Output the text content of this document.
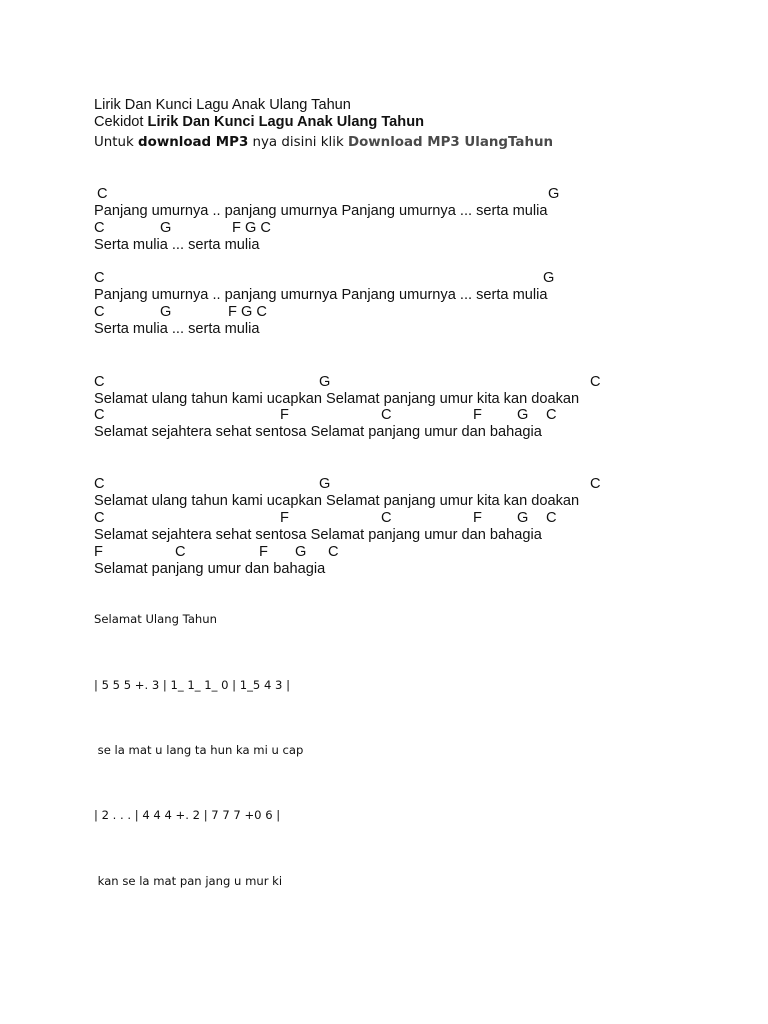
Lirik Dan Kunci Lagu Anak Ulang Tahun
Cekidot Lirik Dan Kunci Lagu Anak Ulang Tahun
Untuk download MP3 nya disini klik Download MP3 UlangTahun
C	G
Panjang umurnya .. panjang umurnya Panjang umurnya ... serta mulia
C	G	F G C
Serta mulia ... serta mulia
C	G
Panjang umurnya .. panjang umurnya Panjang umurnya ... serta mulia
C	G	F G C
Serta mulia ... serta mulia
C	G	C
Selamat ulang tahun kami ucapkan Selamat panjang umur kita kan doakan
C	F	C	F G C
Selamat sejahtera sehat sentosa Selamat panjang umur dan bahagia
C	G	C
Selamat ulang tahun kami ucapkan Selamat panjang umur kita kan doakan
C	F	C	F G C
Selamat sejahtera sehat sentosa Selamat panjang umur dan bahagia
F	C	F G C
Selamat panjang umur dan bahagia
Selamat Ulang Tahun
| 5 5 5 +. 3 | 1_ 1_ 1_ 0 | 1_5 4 3 |
se la mat u lang ta hun ka mi u cap
| 2 . . . | 4 4 4 +. 2 | 7 7 7 +0 6 |
kan se la mat pan jang u mur ki
